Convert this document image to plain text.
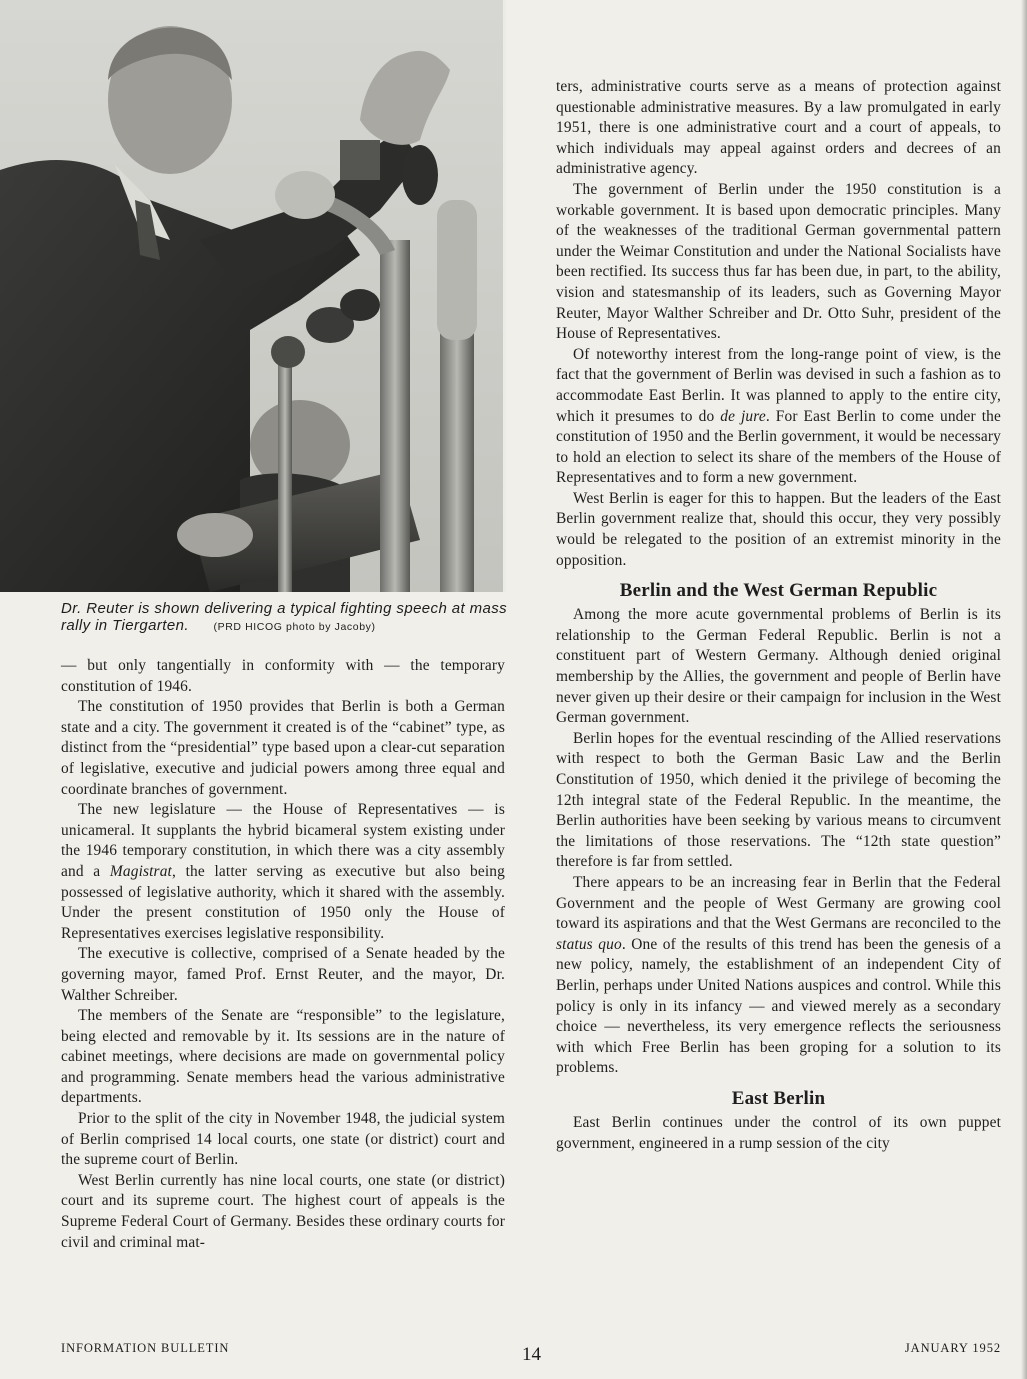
Dr. Reuter is shown delivering a typical fighting speech at mass rally in Tiergarten. (PRD HICOG photo by Jacoby)

— but only tangentially in conformity with — the temporary constitution of 1946.

The constitution of 1950 provides that Berlin is both a German state and a city. The government it created is of the “cabinet” type, as distinct from the “presidential” type based upon a clear-cut separation of legislative, executive and judicial powers among three equal and coordinate branches of government.

The new legislature — the House of Representatives — is unicameral. It supplants the hybrid bicameral system existing under the 1946 temporary constitution, in which there was a city assembly and a Magistrat, the latter serving as executive but also being possessed of legislative authority, which it shared with the assembly. Under the present constitution of 1950 only the House of Representatives exercises legislative responsibility.

The executive is collective, comprised of a Senate headed by the governing mayor, famed Prof. Ernst Reuter, and the mayor, Dr. Walther Schreiber.

The members of the Senate are “responsible” to the legislature, being elected and removable by it. Its sessions are in the nature of cabinet meetings, where decisions are made on governmental policy and programming. Senate members head the various administrative departments.

Prior to the split of the city in November 1948, the judicial system of Berlin comprised 14 local courts, one state (or district) court and the supreme court of Berlin.

West Berlin currently has nine local courts, one state (or district) court and its supreme court. The highest court of appeals is the Supreme Federal Court of Germany. Besides these ordinary courts for civil and criminal mat-

ters, administrative courts serve as a means of protection against questionable administrative measures. By a law promulgated in early 1951, there is one administrative court and a court of appeals, to which individuals may appeal against orders and decrees of an administrative agency.

The government of Berlin under the 1950 constitution is a workable government. It is based upon democratic principles. Many of the weaknesses of the traditional German governmental pattern under the Weimar Constitution and under the National Socialists have been rectified. Its success thus far has been due, in part, to the ability, vision and statesmanship of its leaders, such as Governing Mayor Reuter, Mayor Walther Schreiber and Dr. Otto Suhr, president of the House of Representatives.

Of noteworthy interest from the long-range point of view, is the fact that the government of Berlin was devised in such a fashion as to accommodate East Berlin. It was planned to apply to the entire city, which it presumes to do de jure. For East Berlin to come under the constitution of 1950 and the Berlin government, it would be necessary to hold an election to select its share of the members of the House of Representatives and to form a new government.

West Berlin is eager for this to happen. But the leaders of the East Berlin government realize that, should this occur, they very possibly would be relegated to the position of an extremist minority in the opposition.

Berlin and the West German Republic

Among the more acute governmental problems of Berlin is its relationship to the German Federal Republic. Berlin is not a constituent part of Western Germany. Although denied original membership by the Allies, the government and people of Berlin have never given up their desire or their campaign for inclusion in the West German government.

Berlin hopes for the eventual rescinding of the Allied reservations with respect to both the German Basic Law and the Berlin Constitution of 1950, which denied it the privilege of becoming the 12th integral state of the Federal Republic. In the meantime, the Berlin authorities have been seeking by various means to circumvent the limitations of those reservations. The “12th state question” therefore is far from settled.

There appears to be an increasing fear in Berlin that the Federal Government and the people of West Germany are growing cool toward its aspirations and that the West Germans are reconciled to the status quo. One of the results of this trend has been the genesis of a new policy, namely, the establishment of an independent City of Berlin, perhaps under United Nations auspices and control. While this policy is only in its infancy — and viewed merely as a secondary choice — nevertheless, its very emergence reflects the seriousness with which Free Berlin has been groping for a solution to its problems.

East Berlin

East Berlin continues under the control of its own puppet government, engineered in a rump session of the city

INFORMATION BULLETIN	14	JANUARY 1952
